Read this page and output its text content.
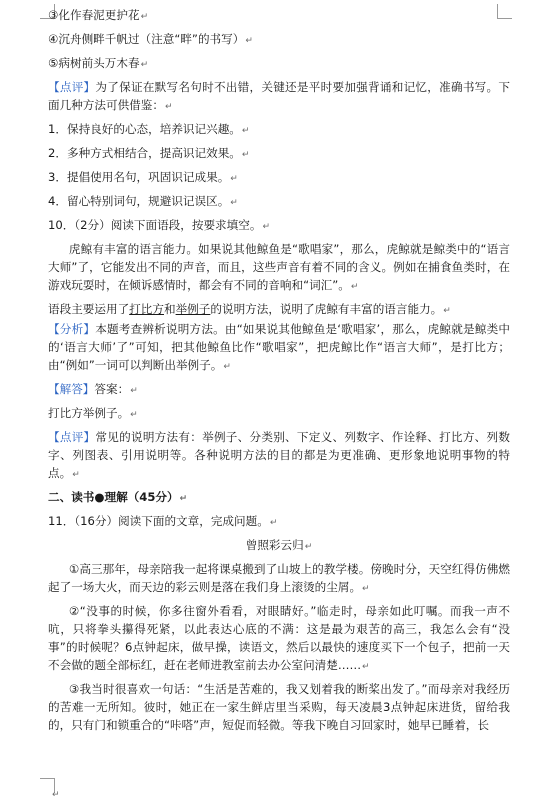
③化作春泥更护花↵
④沉舟侧畔千帆过（注意“畔”的书写）↵
⑤病树前头万木春↵
【点评】为了保证在默写名句时不出错，关键还是平时要加强背诵和记忆，准确书写。下面几种方法可供借鉴：↵
1．保持良好的心态，培养识记兴趣。↵
2．多种方式相结合，提高识记效果。↵
3．提倡使用名句，巩固识记成果。↵
4．留心特别词句，规避识记误区。↵
10．（2分）阅读下面语段，按要求填空。↵
虎鲸有丰富的语言能力。如果说其他鲸鱼是“歌唱家”，那么，虎鲸就是鲸类中的“语言大师”了，它能发出不同的声音，而且，这些声音有着不同的含义。例如在捕食鱼类时，在游戏玩耍时，在倾诉感情时，都会有不同的音响和“词汇”。↵
语段主要运用了打比方和举例子的说明方法，说明了虎鲸有丰富的语言能力。↵
【分析】本题考查辨析说明方法。由“如果说其他鲸鱼是‘歌唱家’，那么，虎鲸就是鲸类中的‘语言大师’了”可知，把其他鲸鱼比作“歌唱家”，把虎鲸比作“语言大师”，是打比方；由“例如”一词可以判断出举例子。↵
【解答】答案：↵
打比方举例子。↵
【点评】常见的说明方法有：举例子、分类别、下定义、列数字、作诠释、打比方、列数字、列图表、引用说明等。各种说明方法的目的都是为更准确、更形象地说明事物的特点。↵
二、读书●理解（45分）↵
11．（16分）阅读下面的文章，完成问题。↵
曾照彩云归↵
①高三那年，母亲陪我一起将课桌搬到了山坡上的教学楼。傍晚时分，天空红得仿佛燃起了一场大火，而天边的彩云则是落在我们身上滚烫的尘屑。↵
②“没事的时候，你多往窗外看看，对眼睛好。”临走时，母亲如此叮嘱。而我一声不吭，只将拳头攥得死紧，以此表达心底的不满：这是最为艰苦的高三，我怎么会有“没事”的时候呢？6点钟起床，做早操，读语文，然后以最快的速度买下一个包子，把前一天不会做的题全部标红，赶在老师进教室前去办公室问清楚……↵
③我当时很喜欢一句话：“生活是苦难的，我又划着我的断桨出发了。”而母亲对我经历的苦难一无所知。彼时，她正在一家生鲜店里当采购，每天凌晨3点钟起床进货，留给我的，只有门和锁重合的“咔嗒”声，短促而轻微。等我下晚自习回家时，她早已睡着，长
↵
